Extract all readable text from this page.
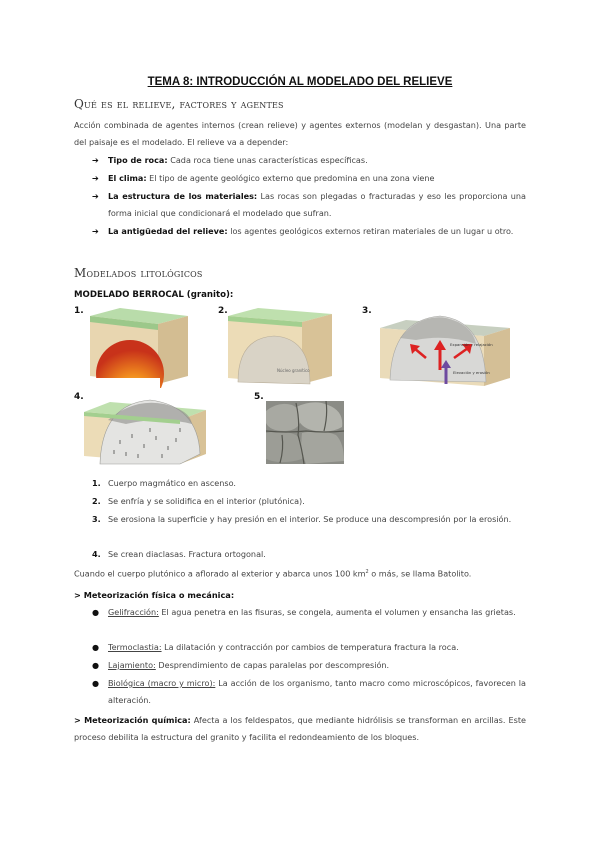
TEMA 8: INTRODUCCIÓN AL MODELADO DEL RELIEVE
Qué es el relieve, factores y agentes
Acción combinada de agentes internos (crean relieve) y agentes externos (modelan y desgastan). Una parte del paisaje es el modelado. El relieve va a depender:
➔ Tipo de roca: Cada roca tiene unas características específicas.
➔ El clima: El tipo de agente geológico externo que predomina en una zona viene
➔ La estructura de los materiales: Las rocas son plegadas o fracturadas y eso les proporciona una forma inicial que condicionará el modelado que sufran.
➔ La antigüedad del relieve: los agentes geológicos externos retiran materiales de un lugar u otro.
Modelados litológicos
MODELADO BERROCAL (granito):
1.	2.
Núcleo granítico
3.
Expansión y relajación
Elevación y erosión
4.	5.
1. Cuerpo magmático en ascenso.
2. Se enfría y se solidifica en el interior (plutónica).
3. Se erosiona la superficie y hay presión en el interior. Se produce una descompresión por la erosión.
4. Se crean diaclasas. Fractura ortogonal.
Cuando el cuerpo plutónico a aflorado al exterior y abarca unos 100 $km^2$ o más, se llama Batolito.
> Meteorización física o mecánica:
● Gelifracción: El agua penetra en las fisuras, se congela, aumenta el volumen y ensancha las grietas.
● Termoclastia: La dilatación y contracción por cambios de temperatura fractura la roca.
● Lajamiento: Desprendimiento de capas paralelas por descompresión.
● Biológica (macro y micro): La acción de los organismo, tanto macro como microscópicos, favorecen la alteración.
> Meteorización química: Afecta a los feldespatos, que mediante hidrólisis se transforman en arcillas. Este proceso debilita la estructura del granito y facilita el redondeamiento de los bloques.
